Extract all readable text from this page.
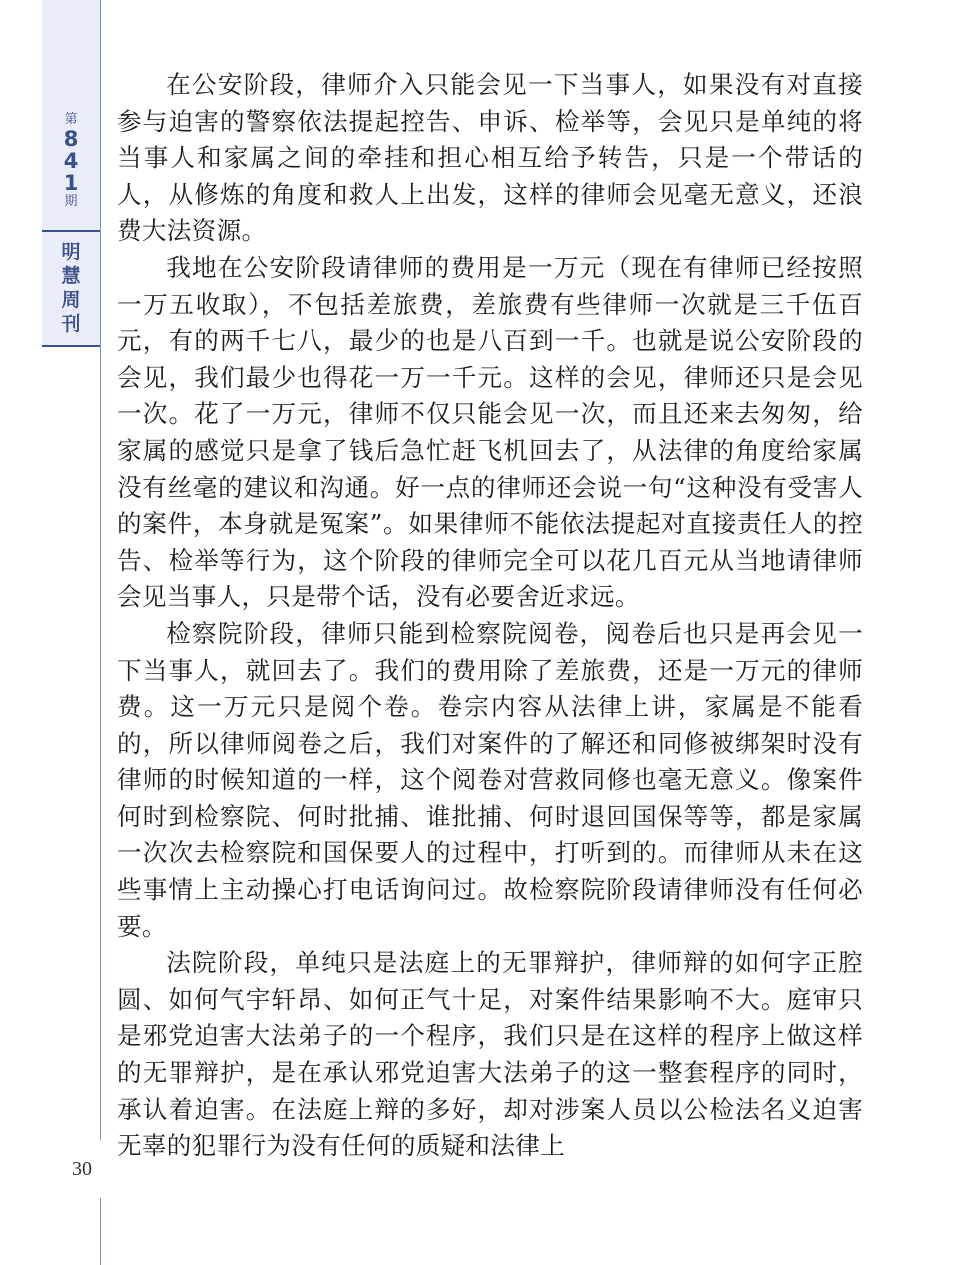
第
8
4
1
期
明
慧
周
刊

在公安阶段，律师介入只能会见一下当事人，如果没有对直接参与迫害的警察依法提起控告、申诉、检举等，会见只是单纯的将当事人和家属之间的牵挂和担心相互给予转告，只是一个带话的人，从修炼的角度和救人上出发，这样的律师会见毫无意义，还浪费大法资源。

我地在公安阶段请律师的费用是一万元（现在有律师已经按照一万五收取），不包括差旅费，差旅费有些律师一次就是三千伍百元，有的两千七八，最少的也是八百到一千。也就是说公安阶段的会见，我们最少也得花一万一千元。这样的会见，律师还只是会见一次。花了一万元，律师不仅只能会见一次，而且还来去匆匆，给家属的感觉只是拿了钱后急忙赶飞机回去了，从法律的角度给家属没有丝毫的建议和沟通。好一点的律师还会说一句“这种没有受害人的案件，本身就是冤案”。如果律师不能依法提起对直接责任人的控告、检举等行为，这个阶段的律师完全可以花几百元从当地请律师会见当事人，只是带个话，没有必要舍近求远。

检察院阶段，律师只能到检察院阅卷，阅卷后也只是再会见一下当事人，就回去了。我们的费用除了差旅费，还是一万元的律师费。这一万元只是阅个卷。卷宗内容从法律上讲，家属是不能看的，所以律师阅卷之后，我们对案件的了解还和同修被绑架时没有律师的时候知道的一样，这个阅卷对营救同修也毫无意义。像案件何时到检察院、何时批捕、谁批捕、何时退回国保等等，都是家属一次次去检察院和国保要人的过程中，打听到的。而律师从未在这些事情上主动操心打电话询问过。故检察院阶段请律师没有任何必要。

法院阶段，单纯只是法庭上的无罪辩护，律师辩的如何字正腔圆、如何气宇轩昂、如何正气十足，对案件结果影响不大。庭审只是邪党迫害大法弟子的一个程序，我们只是在这样的程序上做这样的无罪辩护，是在承认邪党迫害大法弟子的这一整套程序的同时，承认着迫害。在法庭上辩的多好，却对涉案人员以公检法名义迫害无辜的犯罪行为没有任何的质疑和法律上

30
